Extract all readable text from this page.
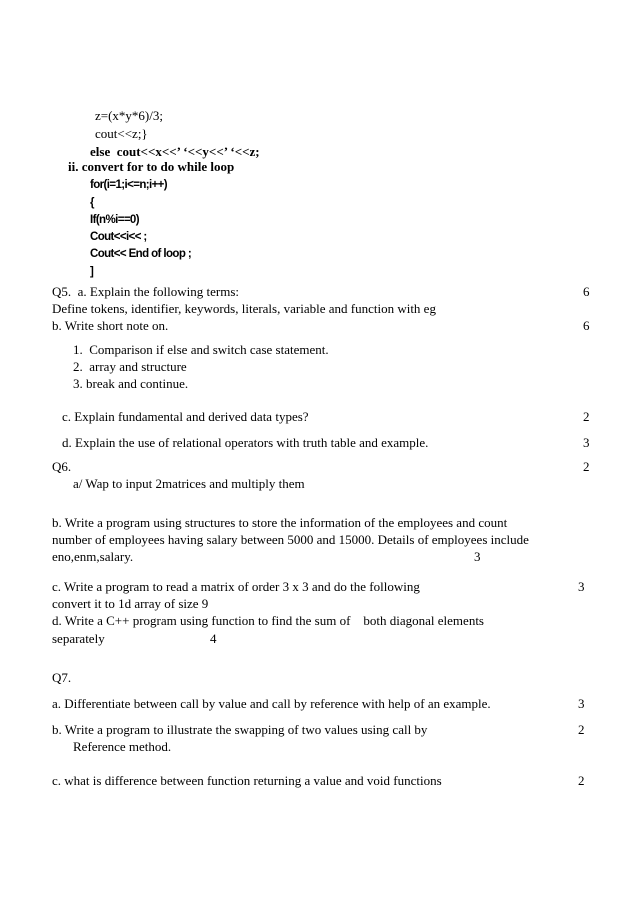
z=(x*y*6)/3;
cout<<z;}
else  cout<<x<<’ ‘<<y<<’ ‘<<z;
ii. convert for to do while loop
for(i=1;i<=n;i++)
{
If(n%i==0)
Cout<<i<< ;
Cout<< End of loop ;
]
Q5.  a. Explain the following terms:	6
Define tokens, identifier, keywords, literals, variable and function with eg
b. Write short note on.	6
1.  Comparison if else and switch case statement.
2.  array and structure
3. break and continue.
c. Explain fundamental and derived data types?	2
d. Explain the use of relational operators with truth table and example.	3
Q6.	2
a/ Wap to input 2matrices and multiply them
b. Write a program using structures to store the information of the employees and count
number of employees having salary between 5000 and 15000. Details of employees include
eno,enm,salary.	3
c. Write a program to read a matrix of order 3 x 3 and do the following	3
convert it to 1d array of size 9
d. Write a C++ program using function to find the sum of    both diagonal elements
separately	4
Q7.
a. Differentiate between call by value and call by reference with help of an example.	3
b. Write a program to illustrate the swapping of two values using call by	2
Reference method.
c. what is difference between function returning a value and void functions	2
